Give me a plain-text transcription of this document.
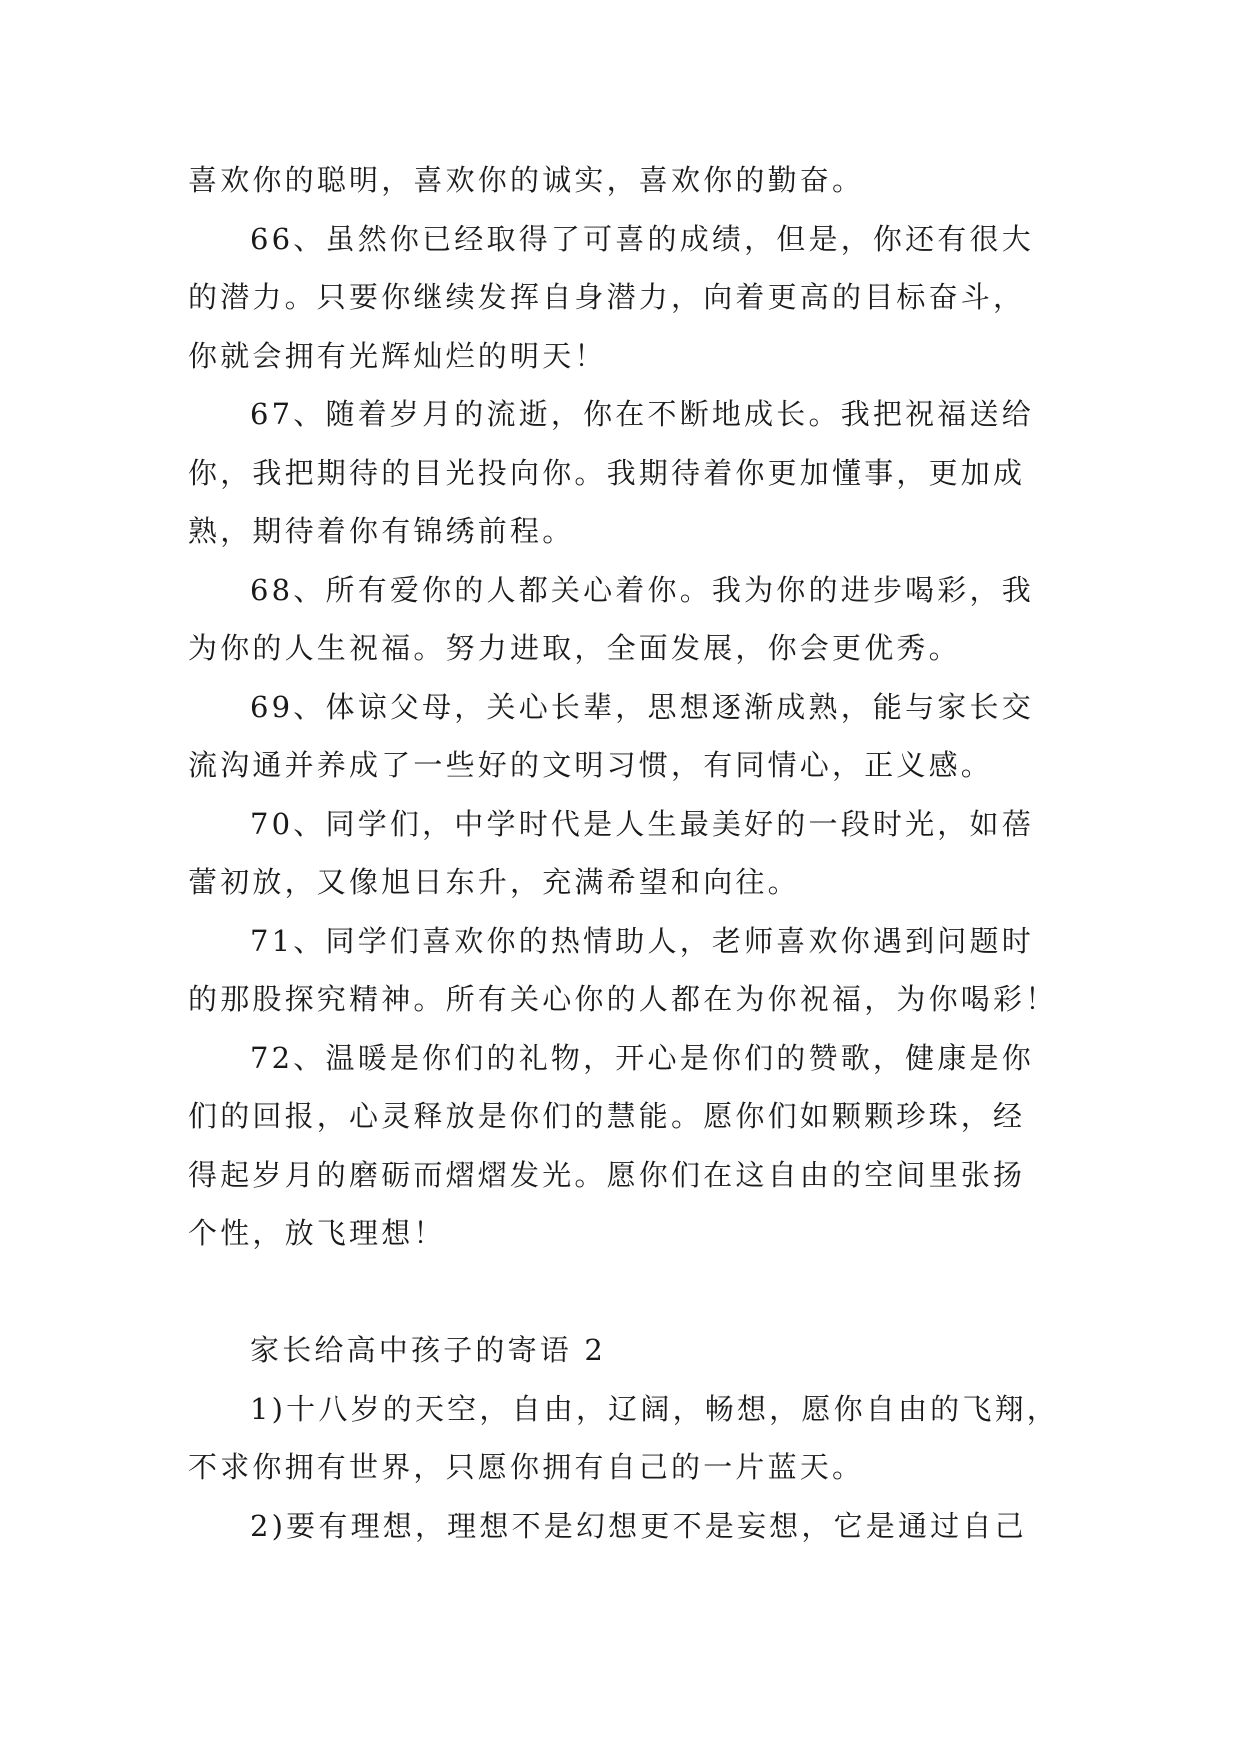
喜欢你的聪明，喜欢你的诚实，喜欢你的勤奋。
66、虽然你已经取得了可喜的成绩，但是，你还有很大
的潜力。只要你继续发挥自身潜力，向着更高的目标奋斗，
你就会拥有光辉灿烂的明天！
67、随着岁月的流逝，你在不断地成长。我把祝福送给
你，我把期待的目光投向你。我期待着你更加懂事，更加成
熟，期待着你有锦绣前程。
68、所有爱你的人都关心着你。我为你的进步喝彩，我
为你的人生祝福。努力进取，全面发展，你会更优秀。
69、体谅父母，关心长辈，思想逐渐成熟，能与家长交
流沟通并养成了一些好的文明习惯，有同情心，正义感。
70、同学们，中学时代是人生最美好的一段时光，如蓓
蕾初放，又像旭日东升，充满希望和向往。
71、同学们喜欢你的热情助人，老师喜欢你遇到问题时
的那股探究精神。所有关心你的人都在为你祝福，为你喝彩！
72、温暖是你们的礼物，开心是你们的赞歌，健康是你
们的回报，心灵释放是你们的慧能。愿你们如颗颗珍珠，经
得起岁月的磨砺而熠熠发光。愿你们在这自由的空间里张扬
个性，放飞理想！
家长给高中孩子的寄语 2
1)十八岁的天空，自由，辽阔，畅想，愿你自由的飞翔，
不求你拥有世界，只愿你拥有自己的一片蓝天。
2)要有理想，理想不是幻想更不是妄想，它是通过自己
